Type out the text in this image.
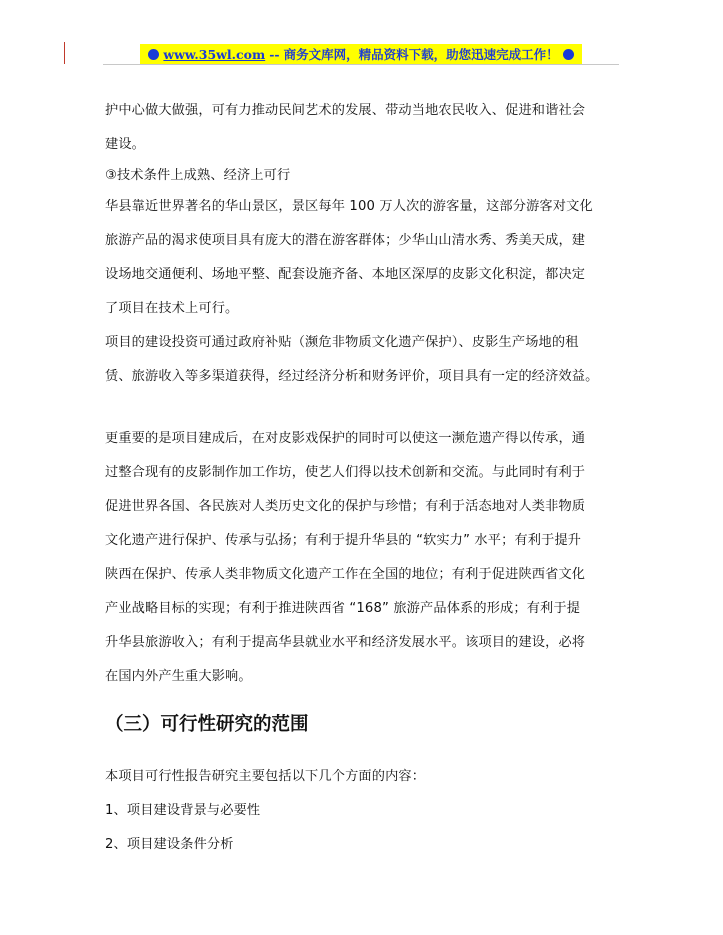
www.35wl.com -- 商务文库网，精品资料下载，助您迅速完成工作！
护中心做大做强，可有力推动民间艺术的发展、带动当地农民收入、促进和谐社会
建设。
③技术条件上成熟、经济上可行
华县靠近世界著名的华山景区，景区每年 100 万人次的游客量，这部分游客对文化
旅游产品的渴求使项目具有庞大的潜在游客群体；少华山山清水秀、秀美天成，建
设场地交通便利、场地平整、配套设施齐备、本地区深厚的皮影文化积淀，都决定
了项目在技术上可行。
项目的建设投资可通过政府补贴（濒危非物质文化遗产保护）、皮影生产场地的租
赁、旅游收入等多渠道获得，经过经济分析和财务评价，项目具有一定的经济效益。
更重要的是项目建成后，在对皮影戏保护的同时可以使这一濒危遗产得以传承，通
过整合现有的皮影制作加工作坊，使艺人们得以技术创新和交流。与此同时有利于
促进世界各国、各民族对人类历史文化的保护与珍惜；有利于活态地对人类非物质
文化遗产进行保护、传承与弘扬；有利于提升华县的 “软实力” 水平；有利于提升
陕西在保护、传承人类非物质文化遗产工作在全国的地位；有利于促进陕西省文化
产业战略目标的实现；有利于推进陕西省 “168” 旅游产品体系的形成；有利于提
升华县旅游收入；有利于提高华县就业水平和经济发展水平。该项目的建设，必将
在国内外产生重大影响。
（三）可行性研究的范围
本项目可行性报告研究主要包括以下几个方面的内容：
1、项目建设背景与必要性
2、项目建设条件分析
